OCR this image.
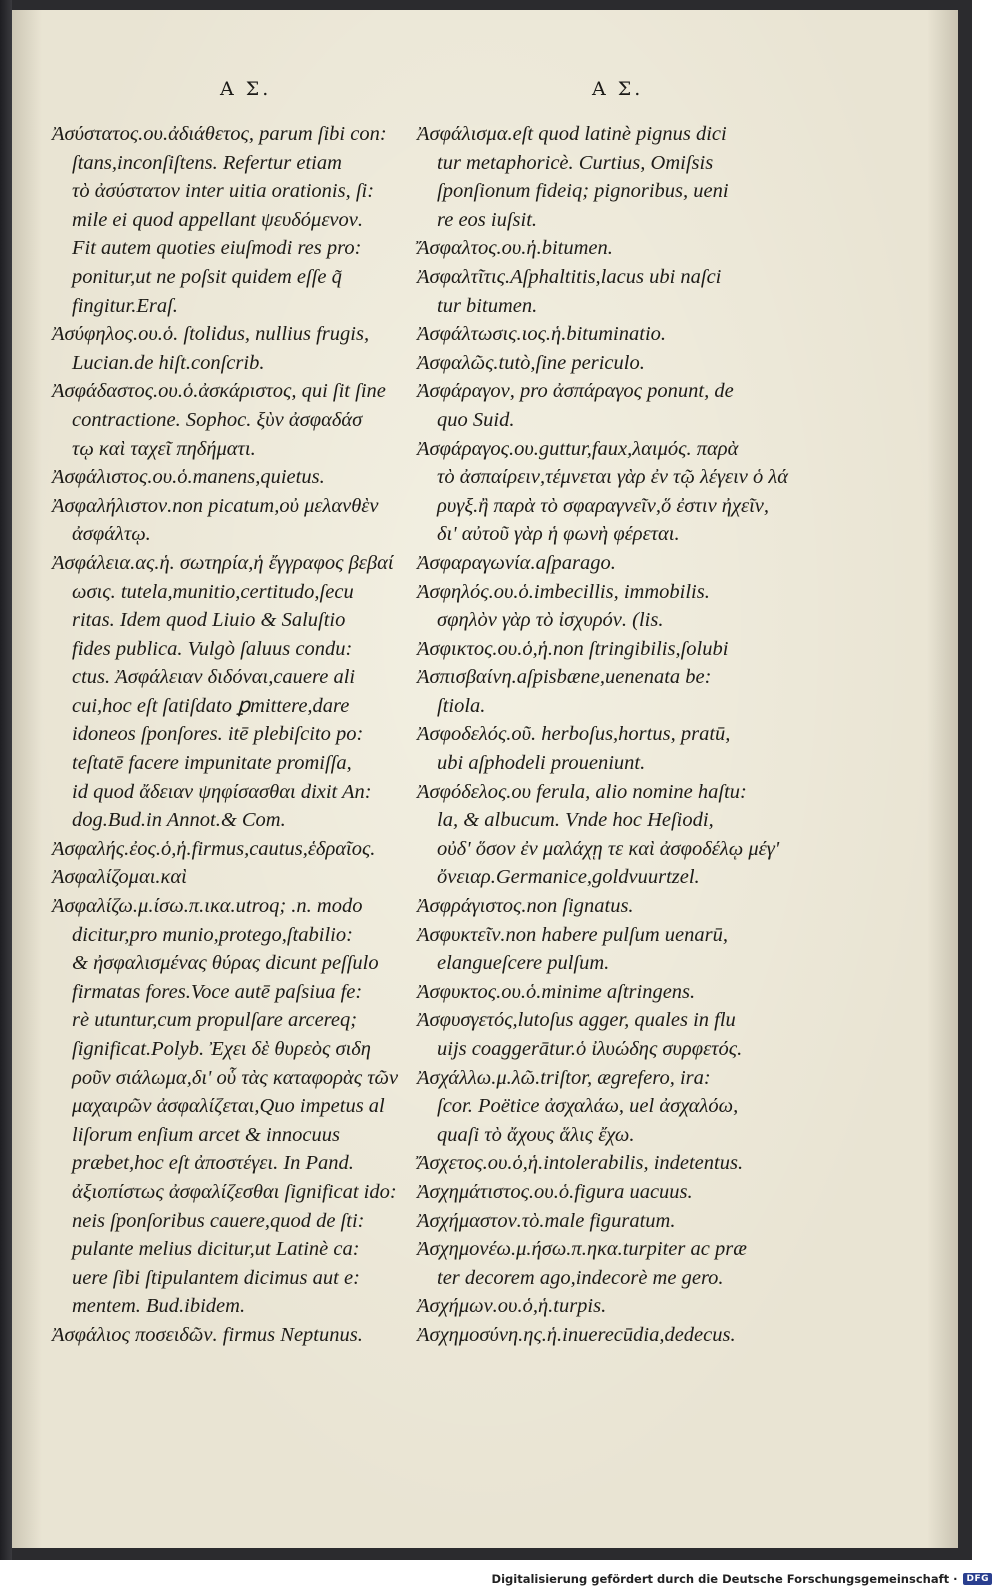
Α Σ.	Α Σ.
Ἀσύστατος.ου.ἀδιάθετος, parum ſibi con:
ſtans,inconſiſtens. Refertur etiam
τὸ ἀσύστατον inter uitia orationis, ſi:
mile ei quod appellant ψευδόμενον.
Fit autem quoties eiuſmodi res pro:
ponitur,ut ne poſsit quidem eſſe q̃
fingitur.Eraſ.
Ἀσύφηλος.ου.ὁ. ſtolidus, nullius frugis,
Lucian.de hiſt.conſcrib.
Ἀσφάδαστος.ου.ὁ.ἀσκάριστος, qui ſit ſine
contractione. Sophoc. ξὺν ἀσφαδάσ
τῳ καὶ ταχεῖ πηδήματι.
Ἀσφάλιστος.ου.ὁ.manens,quietus.
Ἀσφαλήλιστον.non picatum,οὐ μελανθὲν
ἀσφάλτῳ.
Ἀσφάλεια.ας.ἡ. σωτηρία,ἡ ἔγγραφος βεβαί
ωσις. tutela,munitio,certitudo,ſecu
ritas. Idem quod Liuio & Saluſtio
fides publica. Vulgò ſaluus condu:
ctus. Ἀσφάλειαν διδόναι,cauere ali
cui,hoc eſt ſatiſdato ꝑmittere,dare
idoneos ſponſores. itē plebiſcito po:
teſtatē facere impunitate promiſſa,
id quod ἄδειαν ψηφίσασθαι dixit An:
dog.Bud.in Annot.& Com.
Ἀσφαλής.ἐος.ὁ,ἡ.firmus,cautus,ἑδραῖος.
Ἀσφαλίζομαι.καὶ
Ἀσφαλίζω.μ.ίσω.π.ικα.utroq; .n. modo
dicitur,pro munio,protego,ſtabilio:
& ἠσφαλισμένας θύρας dicunt peſſulo
firmatas fores.Voce autē paſsiua fe:
rè utuntur,cum propulſare arcereq;
ſignificat.Polyb. Ἐχει δὲ θυρεὸς σιδη
ροῦν σιάλωμα,δι' οὗ τὰς καταφορὰς τῶν
μαχαιρῶν ἀσφαλίζεται,Quo impetus al
liſorum enſium arcet & innocuus
præbet,hoc eſt ἀποστέγει. In Pand.
ἀξιοπίστως ἀσφαλίζεσθαι ſignificat ido:
neis ſponſoribus cauere,quod de ſti:
pulante melius dicitur,ut Latinè ca:
uere ſibi ſtipulantem dicimus aut e:
mentem. Bud.ibidem.
Ἀσφάλιος ποσειδῶν. firmus Neptunus.
Ἀσφάλισμα.eſt quod latinè pignus dici
tur metaphoricè. Curtius, Omiſsis
ſponſionum fideiq; pignoribus, ueni
re eos iuſsit.
Ἄσφαλτος.ου.ἡ.bitumen.
Ἀσφαλτῖτις.Aſphaltitis,lacus ubi naſci
tur bitumen.
Ἀσφάλτωσις.ιος.ἡ.bituminatio.
Ἀσφαλῶς.tutò,ſine periculo.
Ἀσφάραγον, pro ἀσπάραγος ponunt, de
quo Suid.
Ἀσφάραγος.ου.guttur,faux,λαιμός. παρὰ
τὸ ἀσπαίρειν,τέμνεται γὰρ ἐν τῷ λέγειν ὁ λά
ρυγξ.ἢ παρὰ τὸ σφαραγνεῖν,ὅ ἐστιν ἠχεῖν,
δι' αὐτοῦ γὰρ ἡ φωνὴ φέρεται.
Ἀσφαραγωνία.aſparago.
Ἀσφηλός.ου.ὁ.imbecillis, immobilis.
σφηλὸν γὰρ τὸ ἰσχυρόν. (lis.
Ἀσφικτος.ου.ὁ,ἡ.non ſtringibilis,ſolubi
Ἀσπισβαίνη.aſpisbæne,uenenata be:
ſtiola.
Ἀσφοδελός.οῦ. herboſus,hortus, pratū,
ubi aſphodeli proueniunt.
Ἀσφόδελος.ου ferula, alio nomine haſtu:
la, & albucum. Vnde hoc Heſiodi,
οὐδ' ὅσον ἐν μαλάχῃ τε καὶ ἀσφοδέλῳ μέγ'
ὄνειαρ.Germanice,goldvuurtzel.
Ἀσφράγιστος.non ſignatus.
Ἀσφυκτεῖν.non habere pulſum uenarū,
elangueſcere pulſum.
Ἀσφυκτος.ου.ὁ.minime aſtringens.
Ἀσφυσγετός,lutoſus agger, quales in flu
uijs coaggerātur.ὁ ἰλυώδης συρφετός.
Ἀσχάλλω.μ.λῶ.triſtor, ægrefero, ira:
ſcor. Poëtice ἀσχαλάω, uel ἀσχαλόω,
quaſi τὸ ἄχους ἅλις ἔχω.
Ἄσχετος.ου.ὁ,ἡ.intolerabilis, indetentus.
Ἀσχημάτιστος.ου.ὁ.figura uacuus.
Ἀσχήμαστον.τὸ.male figuratum.
Ἀσχημονέω.μ.ήσω.π.ηκα.turpiter ac præ
ter decorem ago,indecorè me gero.
Ἀσχήμων.ου.ὁ,ἡ.turpis.
Ἀσχημοσύνη.ης.ἡ.inuerecūdia,dedecus.
Digitalisierung gefördert durch die Deutsche Forschungsgemeinschaft ·	DFG
